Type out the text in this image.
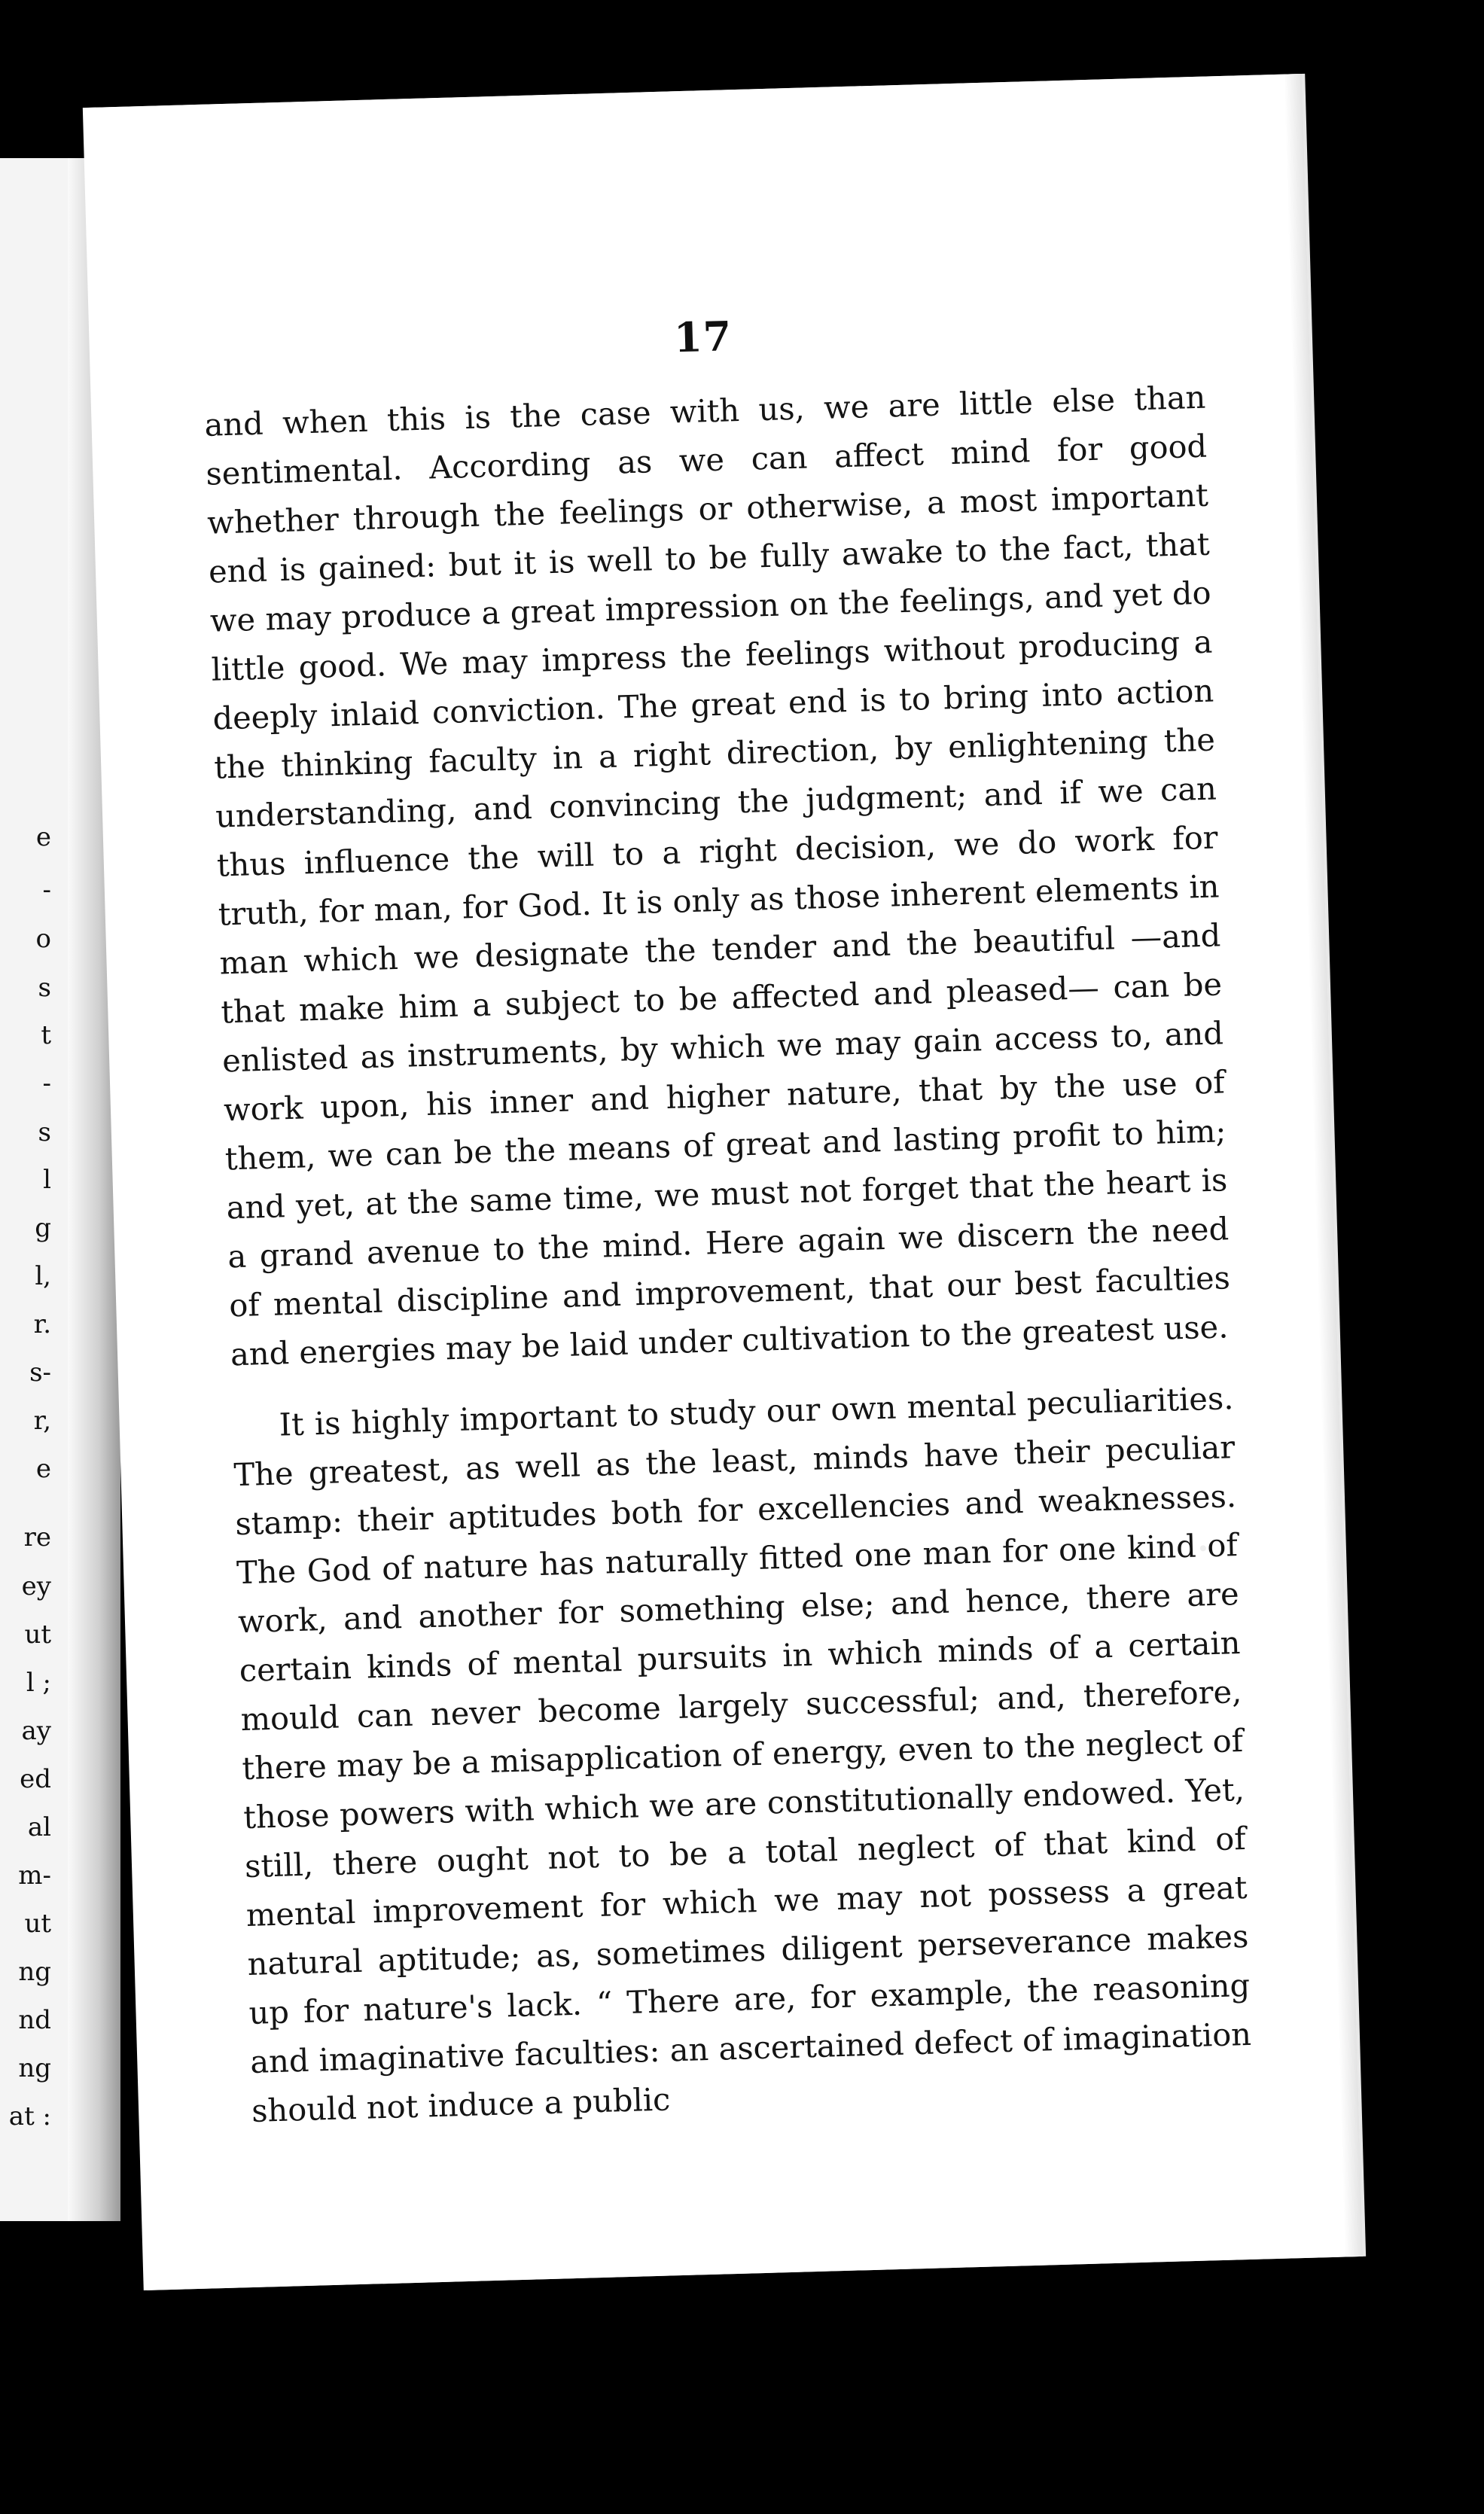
e
-
o
s
t
-
s
l
g
l,
r.
s-
r,
e
re
ey
ut
l ;
ay
ed
al
m-
ut
ng
nd
ng
at :
17

and when this is the case with us, we are little else than sentimental. According as we can affect mind for good whether through the feelings or otherwise, a most important end is gained: but it is well to be fully awake to the fact, that we may produce a great impression on the feelings, and yet do little good. We may impress the feelings without producing a deeply inlaid conviction. The great end is to bring into action the thinking faculty in a right direction, by enlightening the understanding, and convincing the judgment; and if we can thus influence the will to a right decision, we do work for truth, for man, for God. It is only as those inherent elements in man which we designate the tender and the beautiful —and that make him a subject to be affected and pleased— can be enlisted as instruments, by which we may gain access to, and work upon, his inner and higher nature, that by the use of them, we can be the means of great and lasting profit to him; and yet, at the same time, we must not forget that the heart is a grand avenue to the mind. Here again we discern the need of mental discipline and improvement, that our best faculties and energies may be laid under cultivation to the greatest use.

It is highly important to study our own mental peculiarities. The greatest, as well as the least, minds have their peculiar stamp: their aptitudes both for excellencies and weaknesses. The God of nature has naturally fitted one man for one kind of work, and another for something else; and hence, there are certain kinds of mental pursuits in which minds of a certain mould can never become largely successful; and, therefore, there may be a misapplication of energy, even to the neglect of those powers with which we are constitutionally endowed. Yet, still, there ought not to be a total neglect of that kind of mental improvement for which we may not possess a great natural aptitude; as, sometimes diligent perseverance makes up for nature's lack. “ There are, for example, the reasoning and imaginative faculties: an ascertained defect of imagination should not induce a public
